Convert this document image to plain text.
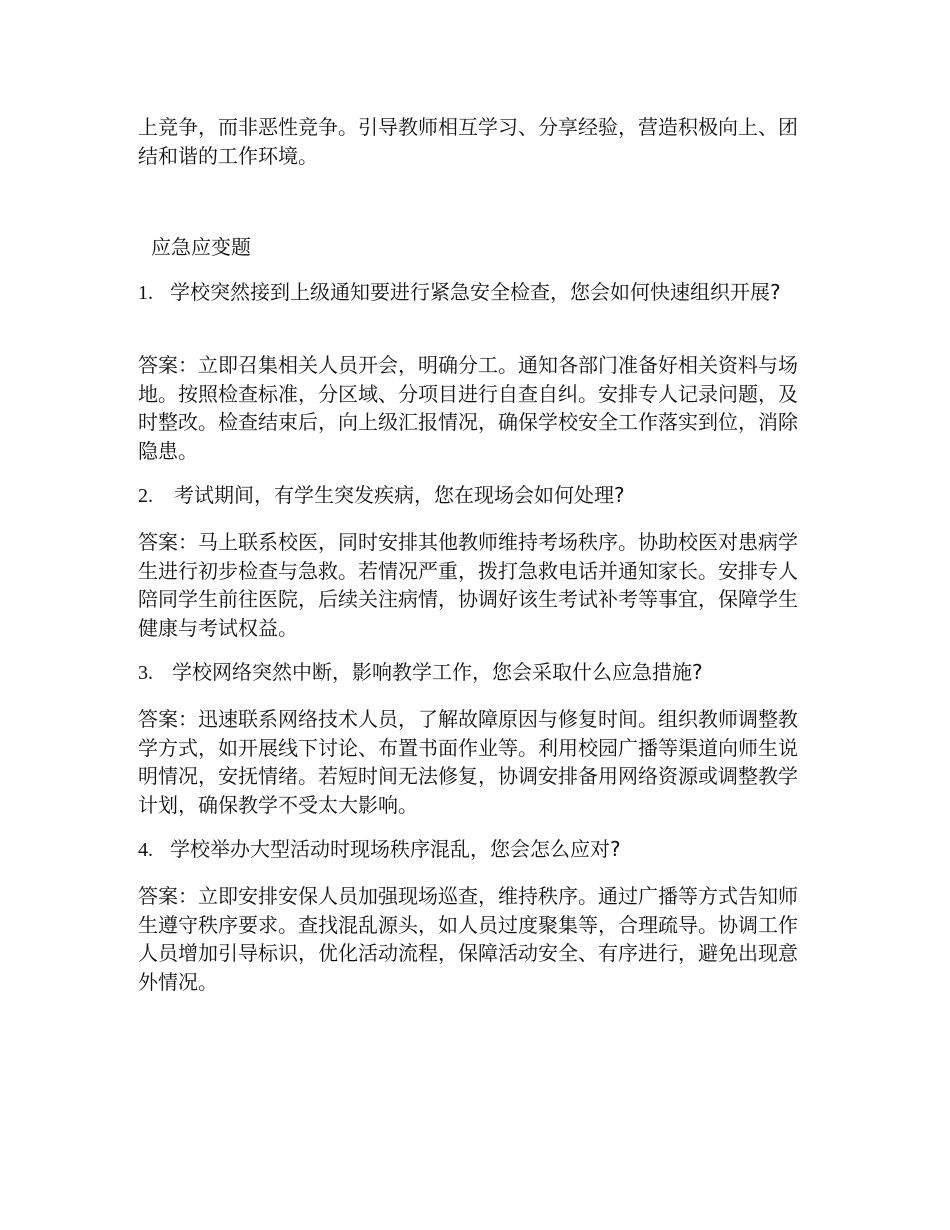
上竞争，而非恶性竞争。引导教师相互学习、分享经验，营造积极向上、团结和谐的工作环境。

应急应变题

1. 学校突然接到上级通知要进行紧急安全检查，您会如何快速组织开展?

答案：立即召集相关人员开会，明确分工。通知各部门准备好相关资料与场地。按照检查标准，分区域、分项目进行自查自纠。安排专人记录问题，及时整改。检查结束后，向上级汇报情况，确保学校安全工作落实到位，消除隐患。

2. 考试期间，有学生突发疾病，您在现场会如何处理?

答案：马上联系校医，同时安排其他教师维持考场秩序。协助校医对患病学生进行初步检查与急救。若情况严重，拨打急救电话并通知家长。安排专人陪同学生前往医院，后续关注病情，协调好该生考试补考等事宜，保障学生健康与考试权益。

3. 学校网络突然中断，影响教学工作，您会采取什么应急措施?

答案：迅速联系网络技术人员，了解故障原因与修复时间。组织教师调整教学方式，如开展线下讨论、布置书面作业等。利用校园广播等渠道向师生说明情况，安抚情绪。若短时间无法修复，协调安排备用网络资源或调整教学计划，确保教学不受太大影响。

4. 学校举办大型活动时现场秩序混乱，您会怎么应对?

答案：立即安排安保人员加强现场巡查，维持秩序。通过广播等方式告知师生遵守秩序要求。查找混乱源头，如人员过度聚集等，合理疏导。协调工作人员增加引导标识，优化活动流程，保障活动安全、有序进行，避免出现意外情况。
